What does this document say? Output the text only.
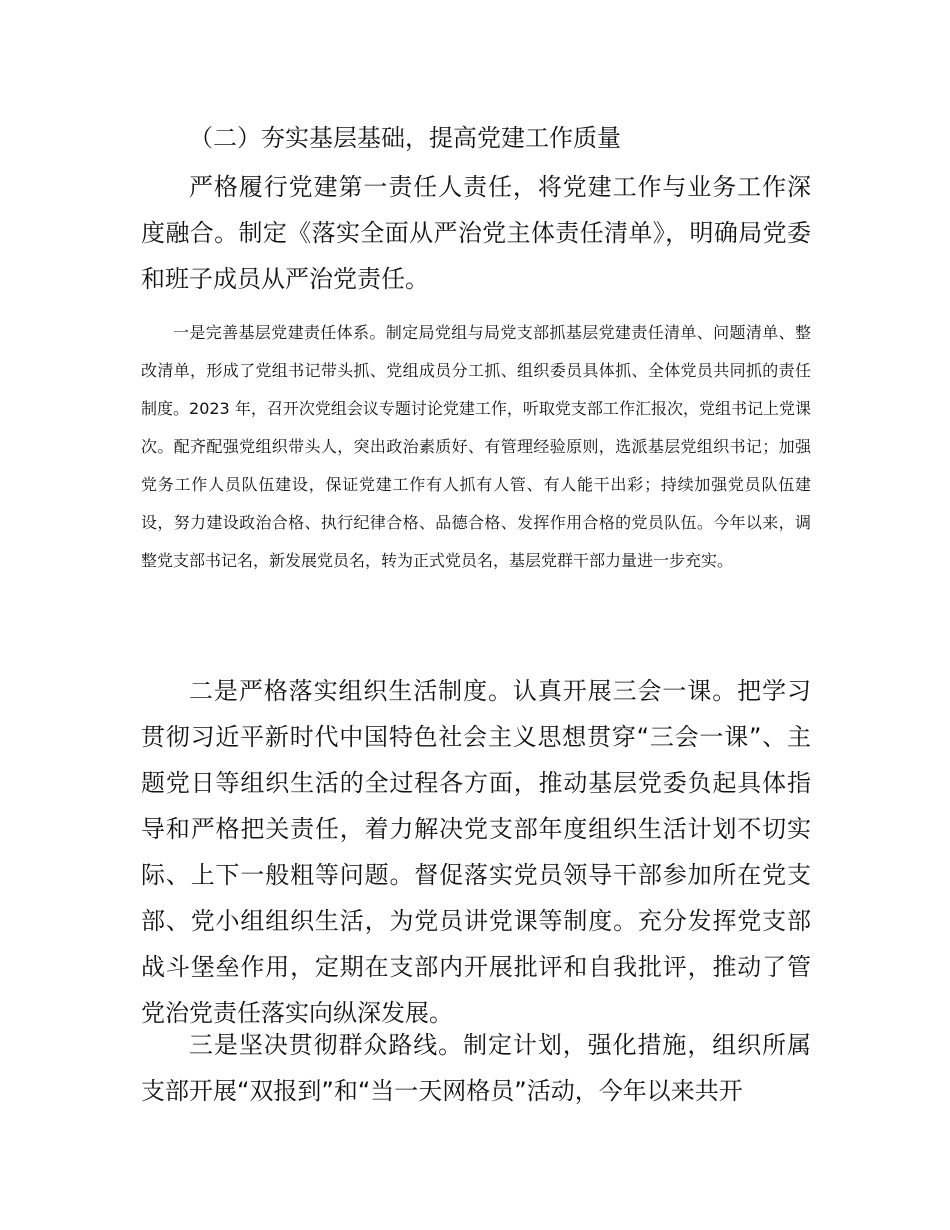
（二）夯实基层基础，提高党建工作质量

严格履行党建第一责任人责任，将党建工作与业务工作深度融合。制定《落实全面从严治党主体责任清单》，明确局党委和班子成员从严治党责任。

一是完善基层党建责任体系。制定局党组与局党支部抓基层党建责任清单、问题清单、整改清单，形成了党组书记带头抓、党组成员分工抓、组织委员具体抓、全体党员共同抓的责任制度。2023 年，召开次党组会议专题讨论党建工作，听取党支部工作汇报次，党组书记上党课次。配齐配强党组织带头人，突出政治素质好、有管理经验原则，选派基层党组织书记；加强党务工作人员队伍建设，保证党建工作有人抓有人管、有人能干出彩；持续加强党员队伍建设，努力建设政治合格、执行纪律合格、品德合格、发挥作用合格的党员队伍。今年以来，调整党支部书记名，新发展党员名，转为正式党员名，基层党群干部力量进一步充实。

二是严格落实组织生活制度。认真开展三会一课。把学习贯彻习近平新时代中国特色社会主义思想贯穿“三会一课”、主题党日等组织生活的全过程各方面，推动基层党委负起具体指导和严格把关责任，着力解决党支部年度组织生活计划不切实际、上下一般粗等问题。督促落实党员领导干部参加所在党支部、党小组组织生活，为党员讲党课等制度。充分发挥党支部战斗堡垒作用，定期在支部内开展批评和自我批评，推动了管党治党责任落实向纵深发展。

三是坚决贯彻群众路线。制定计划，强化措施，组织所属支部开展“双报到”和“当一天网格员”活动，今年以来共开
